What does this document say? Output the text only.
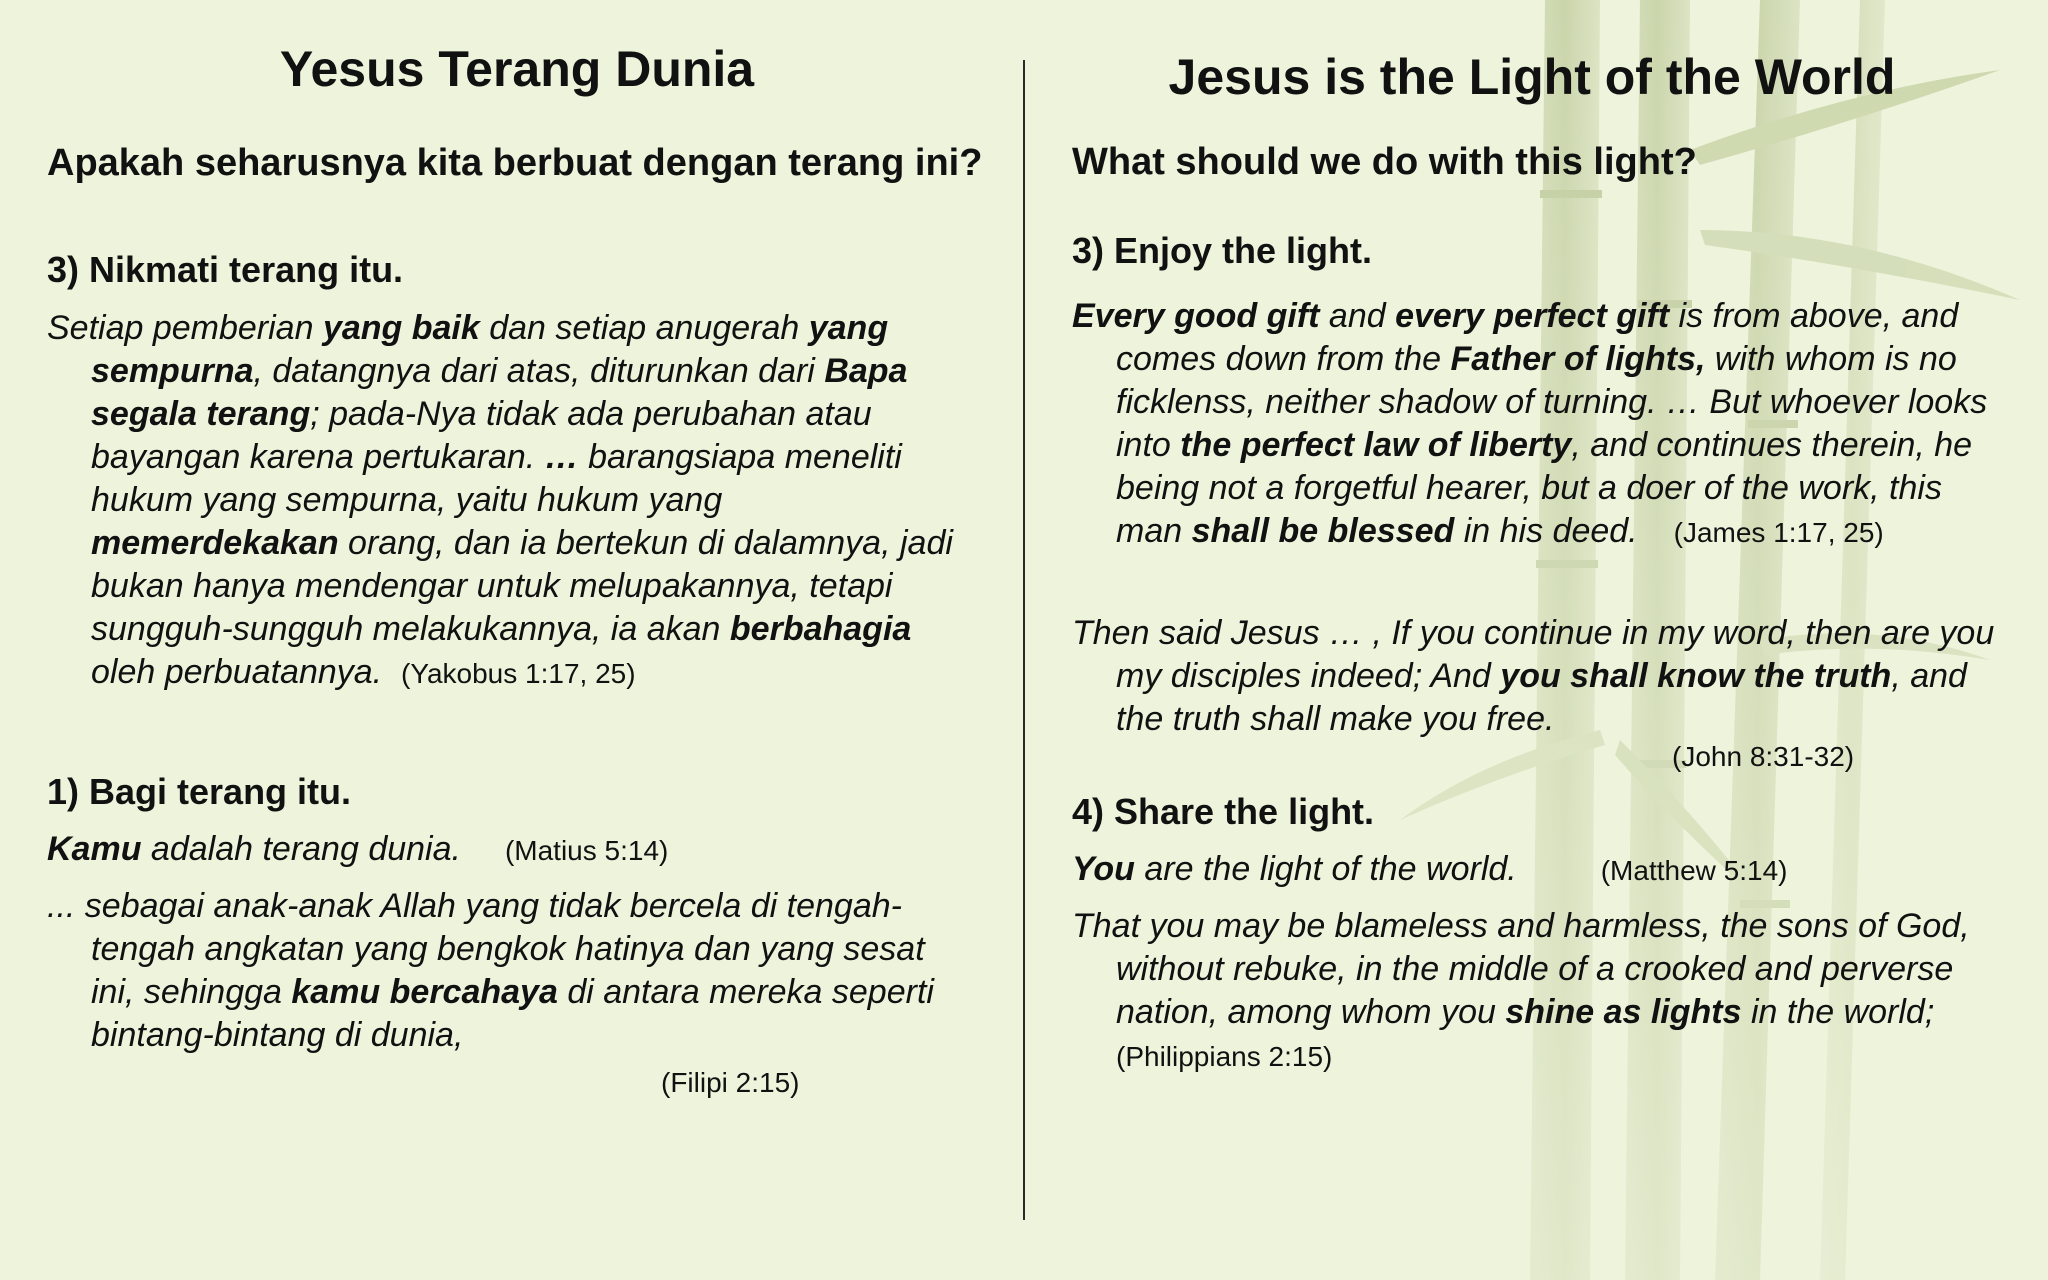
Yesus Terang Dunia

Apakah seharusnya kita berbuat dengan terang ini?

3) Nikmati terang itu.

Setiap pemberian yang baik dan setiap anugerah yang sempurna, datangnya dari atas, diturunkan dari Bapa segala terang; pada-Nya tidak ada perubahan atau bayangan karena pertukaran. … barangsiapa meneliti hukum yang sempurna, yaitu hukum yang memerdekakan orang, dan ia bertekun di dalamnya, jadi bukan hanya mendengar untuk melupakannya, tetapi sungguh-sungguh melakukannya, ia akan berbahagia oleh perbuatannya. (Yakobus 1:17, 25)

1) Bagi terang itu.

Kamu adalah terang dunia. (Matius 5:14)

... sebagai anak-anak Allah yang tidak bercela di tengah-tengah angkatan yang bengkok hatinya dan yang sesat ini, sehingga kamu bercahaya di antara mereka seperti bintang-bintang di dunia,

(Filipi 2:15)
Jesus is the Light of the World

What should we do with this light?

3) Enjoy the light.

Every good gift and every perfect gift is from above, and comes down from the Father of lights, with whom is no ficklenss, neither shadow of turning. … But whoever looks into the perfect law of liberty, and continues therein, he being not a forgetful hearer, but a doer of the work, this man shall be blessed in his deed. (James 1:17, 25)

Then said Jesus … , If you continue in my word, then are you my disciples indeed; And you shall know the truth, and the truth shall make you free.

(John 8:31-32)

4) Share the light.

You are the light of the world.	(Matthew 5:14)

That you may be blameless and harmless, the sons of God, without rebuke, in the middle of a crooked and perverse nation, among whom you shine as lights in the world;(Philippians 2:15)
